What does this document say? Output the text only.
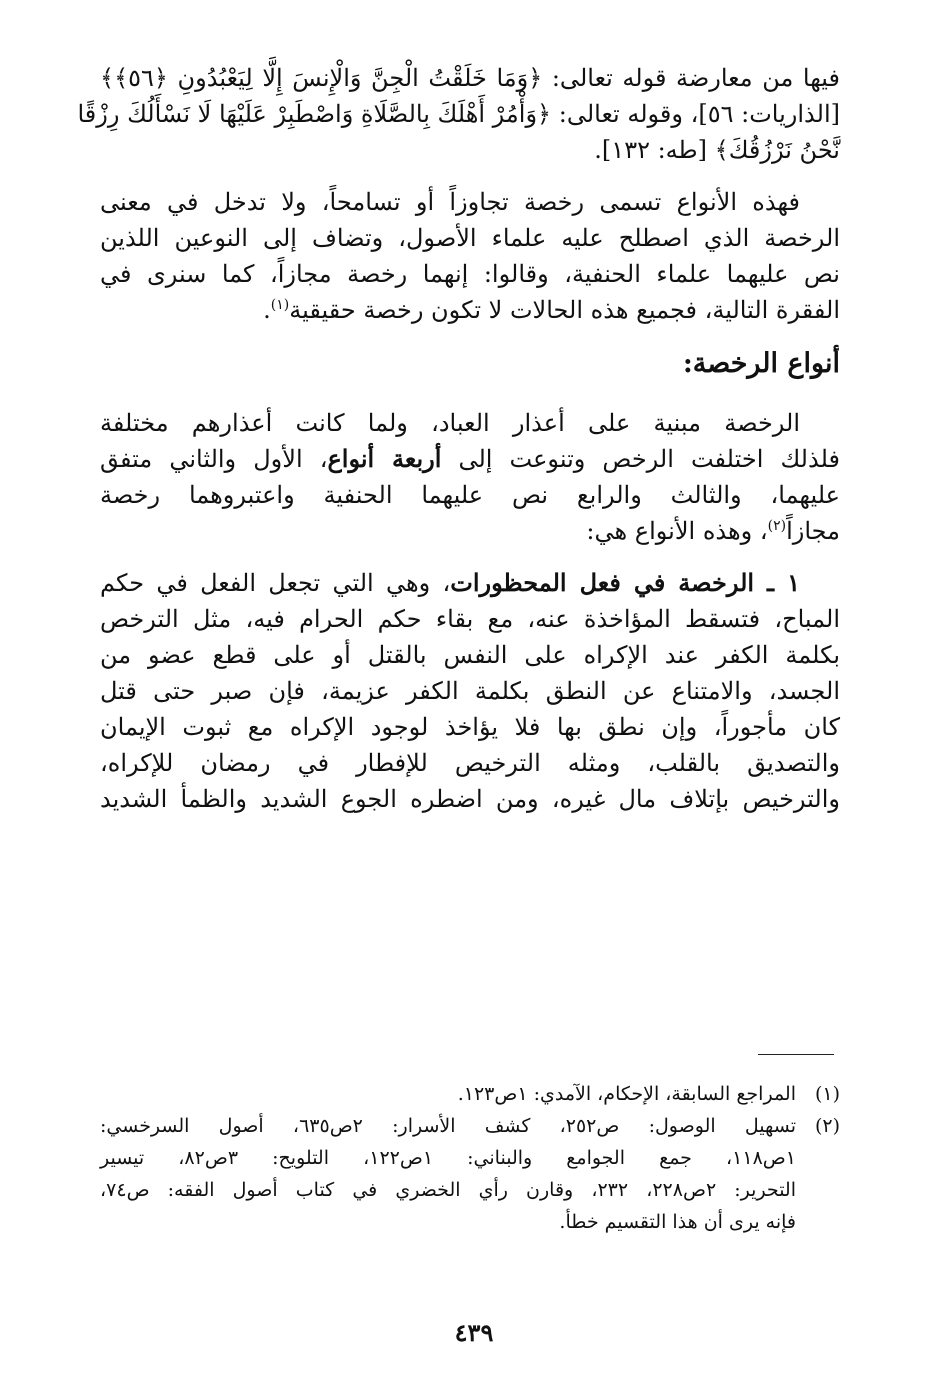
فيها من معارضة قوله تعالى: ﴿وَمَا خَلَقْتُ الْجِنَّ وَالْإِنسَ إِلَّا لِيَعْبُدُونِ ﴿٥٦﴾﴾
[الذاريات: ٥٦]، وقوله تعالى: ﴿وَأْمُرْ أَهْلَكَ بِالصَّلَاةِ وَاصْطَبِرْ عَلَيْهَا لَا نَسْأَلُكَ رِزْقًا
نَّحْنُ نَرْزُقُكَ﴾ [طه: ١٣٢].
فهذه الأنواع تسمى رخصة تجاوزاً أو تسامحاً، ولا تدخل في معنى
الرخصة الذي اصطلح عليه علماء الأصول، وتضاف إلى النوعين اللذين
نص عليهما علماء الحنفية، وقالوا: إنهما رخصة مجازاً، كما سنرى في
الفقرة التالية، فجميع هذه الحالات لا تكون رخصة حقيقية$^{(١)}$.
أنواع الرخصة:
الرخصة مبنية على أعذار العباد، ولما كانت أعذارهم مختلفة
فلذلك اختلفت الرخص وتنوعت إلى أربعة أنواع، الأول والثاني متفق
عليهما، والثالث والرابع نص عليهما الحنفية واعتبروهما رخصة
مجازاً$^{(٢)}$، وهذه الأنواع هي:
١ ـ الرخصة في فعل المحظورات، وهي التي تجعل الفعل في حكم
المباح، فتسقط المؤاخذة عنه، مع بقاء حكم الحرام فيه، مثل الترخص
بكلمة الكفر عند الإكراه على النفس بالقتل أو على قطع عضو من
الجسد، والامتناع عن النطق بكلمة الكفر عزيمة، فإن صبر حتى قتل
كان مأجوراً، وإن نطق بها فلا يؤاخذ لوجود الإكراه مع ثبوت الإيمان
والتصديق بالقلب، ومثله الترخيص للإفطار في رمضان للإكراه،
والترخيص بإتلاف مال غيره، ومن اضطره الجوع الشديد والظمأ الشديد
(١)
المراجع السابقة، الإحكام، الآمدي: ١ص١٢٣.
(٢)
تسهيل الوصول: ص٢٥٢، كشف الأسرار: ٢ص٦٣٥، أصول السرخسي:
١ص١١٨، جمع الجوامع والبناني: ١ص١٢٢، التلويح: ٣ص٨٢، تيسير
التحرير: ٢ص٢٢٨، ٢٣٢، وقارن رأي الخضري في كتاب أصول الفقه: ص٧٤،
فإنه يرى أن هذا التقسيم خطأ.
٤٣٩
